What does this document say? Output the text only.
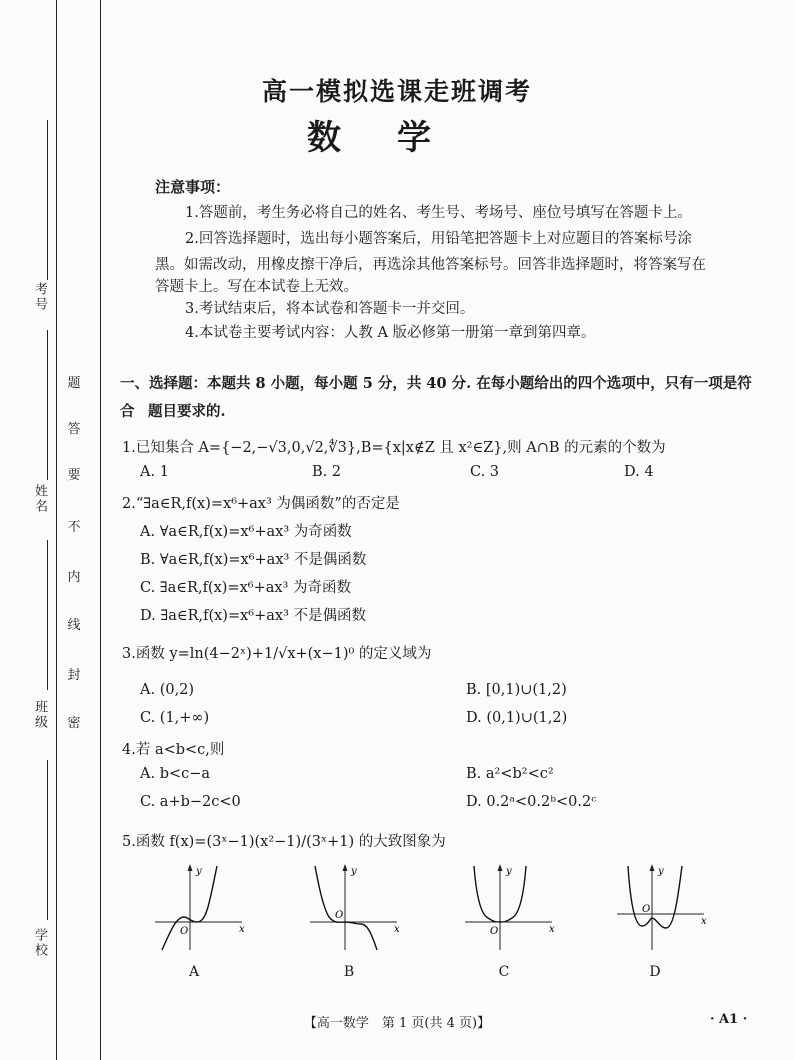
考号
姓名
班级
学校
题
答
要
不
内
线
封
密
高一模拟选课走班调考
数学
注意事项：
1.答题前，考生务必将自己的姓名、考生号、考场号、座位号填写在答题卡上。
2.回答选择题时，选出每小题答案后，用铅笔把答题卡上对应题目的答案标号涂
黑。如需改动，用橡皮擦干净后，再选涂其他答案标号。回答非选择题时，将答案写在
答题卡上。写在本试卷上无效。
3.考试结束后，将本试卷和答题卡一并交回。
4.本试卷主要考试内容：人教 A 版必修第一册第一章到第四章。
一、选择题：本题共 8 小题，每小题 5 分，共 40 分. 在每小题给出的四个选项中，只有一项是符合 题目要求的.
1.已知集合 A={−2,−√3,0,√2,∜3},B={x|x∉Z 且 x²∈Z},则 A∩B 的元素的个数为
A. 1	B. 2	C. 3	D. 4
2.“∃a∈R,f(x)=x⁶+ax³ 为偶函数”的否定是
A. ∀a∈R,f(x)=x⁶+ax³ 为奇函数
B. ∀a∈R,f(x)=x⁶+ax³ 不是偶函数
C. ∃a∈R,f(x)=x⁶+ax³ 为奇函数
D. ∃a∈R,f(x)=x⁶+ax³ 不是偶函数
3.函数 y=ln(4−2ˣ)+1/√x+(x−1)⁰ 的定义域为
A. (0,2)	B. [0,1)∪(1,2)
C. (1,+∞)	D. (0,1)∪(1,2)
4.若 a<b<c,则
A. b<c−a	B. a²<b²<c²
C. a+b−2c<0	D. 0.2ᵃ<0.2ᵇ<0.2ᶜ
5.函数 f(x)=(3ˣ−1)(x²−1)/(3ˣ+1) 的大致图象为
y
x
O
y
x
O
y
x
O
y
x
O
A	B	C	D
【高一数学　第 1 页(共 4 页)】	· A1 ·
